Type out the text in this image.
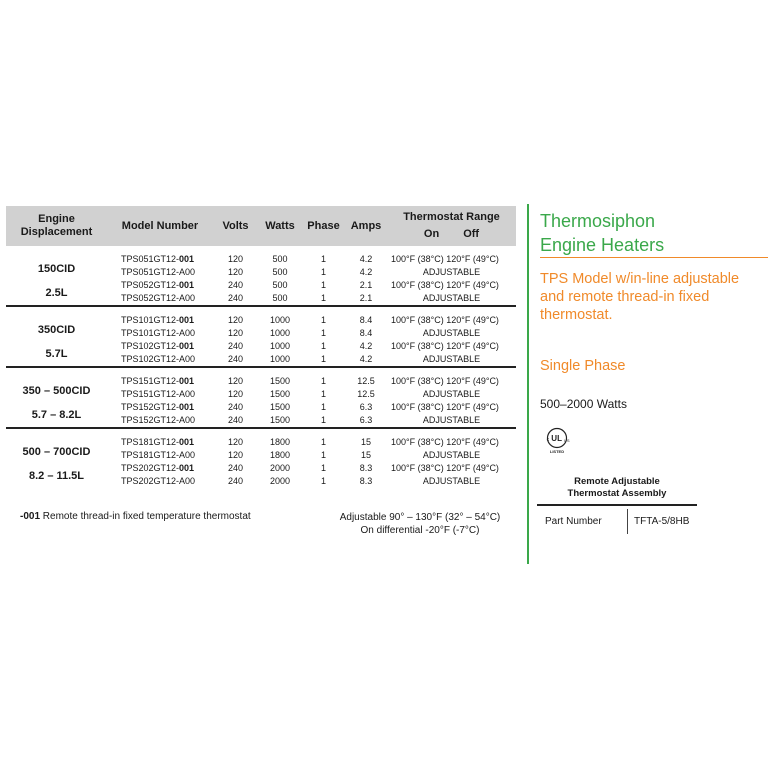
Engine
Displacement	Model Number	Volts	Watts	Phase	Amps	Thermostat Range
On Off

150CID
2.5L	TPS051GT12-001	120	500	1	4.2	100°F (38°C) 120°F (49°C)
	TPS051GT12-A00	120	500	1	4.2	ADJUSTABLE
	TPS052GT12-001	240	500	1	2.1	100°F (38°C) 120°F (49°C)
	TPS052GT12-A00	240	500	1	2.1	ADJUSTABLE

350CID
5.7L	TPS101GT12-001	120	1000	1	8.4	100°F (38°C) 120°F (49°C)
	TPS101GT12-A00	120	1000	1	8.4	ADJUSTABLE
	TPS102GT12-001	240	1000	1	4.2	100°F (38°C) 120°F (49°C)
	TPS102GT12-A00	240	1000	1	4.2	ADJUSTABLE

350 – 500CID
5.7 – 8.2L	TPS151GT12-001	120	1500	1	12.5	100°F (38°C) 120°F (49°C)
	TPS151GT12-A00	120	1500	1	12.5	ADJUSTABLE
	TPS152GT12-001	240	1500	1	6.3	100°F (38°C) 120°F (49°C)
	TPS152GT12-A00	240	1500	1	6.3	ADJUSTABLE

500 – 700CID
8.2 – 11.5L	TPS181GT12-001	120	1800	1	15	100°F (38°C) 120°F (49°C)
	TPS181GT12-A00	120	1800	1	15	ADJUSTABLE
	TPS202GT12-001	240	2000	1	8.3	100°F (38°C) 120°F (49°C)
	TPS202GT12-A00	240	2000	1	8.3	ADJUSTABLE
-001 Remote thread-in fixed temperature thermostat	Adjustable 90° – 130°F (32° – 54°C)
On differential -20°F (-7°C)
Thermosiphon
Engine Heaters
TPS Model w/in-line adjustable and remote thread-in fixed thermostat.
Single Phase
500–2000 Watts
c UL US
LISTED
Remote Adjustable
Thermostat Assembly
Part Number	TFTA-5/8HB
